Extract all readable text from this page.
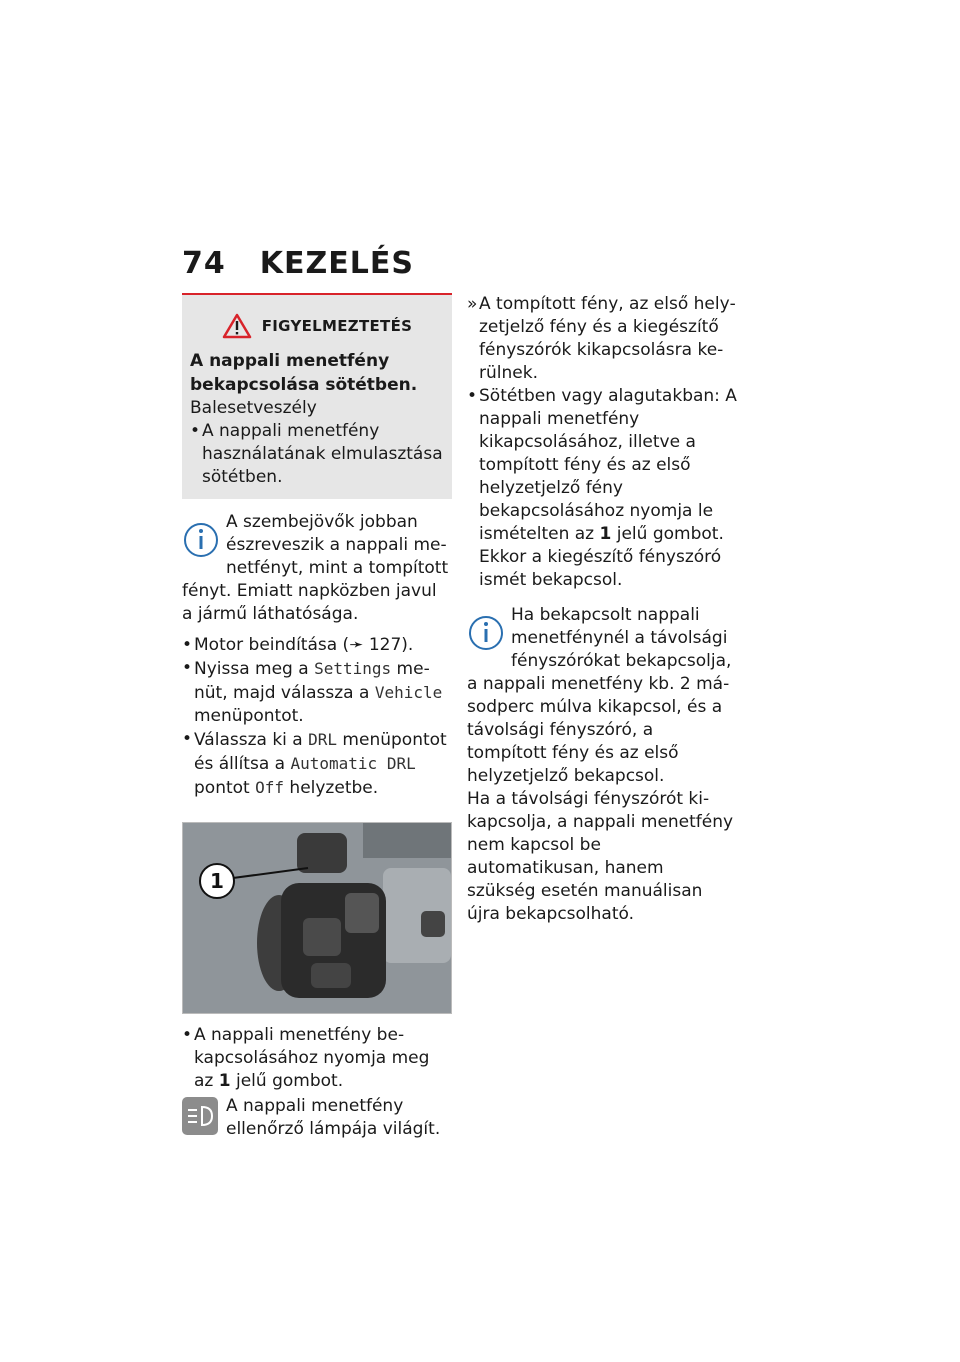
74 KEZELÉS
FIGYELMEZTETÉS
A nappali menetfény bekapcsolása sötétben.
Balesetveszély
• A nappali menetfény használatának elmulasztása sötétben.
A szembejövők jobban észreveszik a nappali menetfényt, mint a tompított fényt. Emiatt napközben javul a jármű láthatósága.
• Motor beindítása (➛ 127).
• Nyissa meg a Settings menüt, majd válassza a Vehicle menüpontot.
• Válassza ki a DRL menüpontot és állítsa a Automatic DRL pontot Off helyzetbe.
1
• A nappali menetfény bekapcsolásához nyomja meg az 1 jelű gombot.
A nappali menetfény ellenőrző lámpája világít.
» A tompított fény, az első helyzetjelző fény és a kiegészítő fényszórók kikapcsolásra kerülnek.
• Sötétben vagy alagutakban: A nappali menetfény kikapcsolásához, illetve a tompított fény és az első helyzetjelző fény bekapcsolásához nyomja le ismételten az 1 jelű gombot. Ekkor a kiegészítő fényszóró ismét bekapcsol.
Ha bekapcsolt nappali menetfénynél a távolsági fényszórókat bekapcsolja, a nappali menetfény kb. 2 másodperc múlva kikapcsol, és a távolsági fényszóró, a tompított fény és az első helyzetjelző bekapcsol.
Ha a távolsági fényszórót kikapcsolja, a nappali menetfény nem kapcsol be automatikusan, hanem szükség esetén manuálisan újra bekapcsolható.
